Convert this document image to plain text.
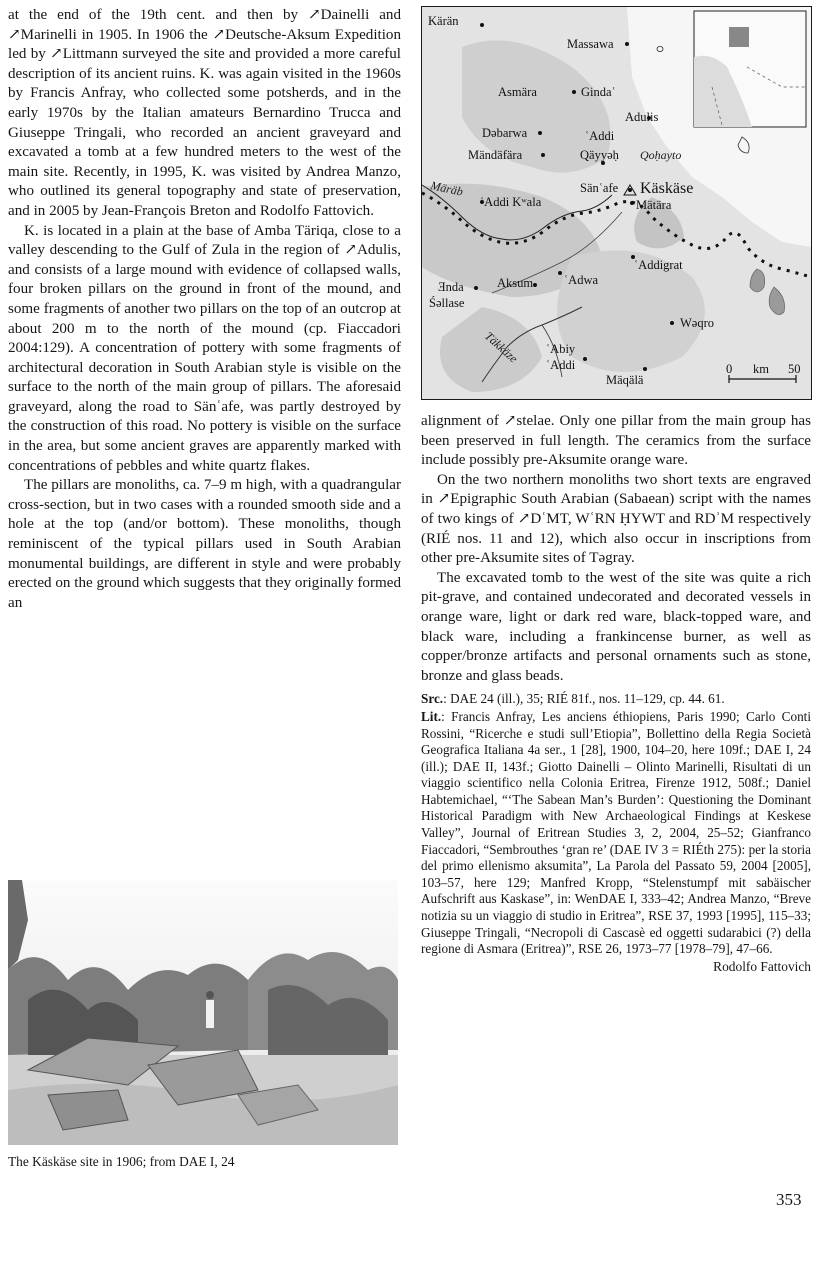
at the end of the 19th cent. and then by ↗Dainelli and ↗Marinelli in 1905. In 1906 the ↗Deutsche-Aksum Expedition led by ↗Littmann surveyed the site and provided a more careful description of its ancient ruins. K. was again visited in the 1960s by Francis Anfray, who collected some potsherds, and in the early 1970s by the Italian amateurs Bernardino Trucca and Giuseppe Tringali, who recorded an ancient graveyard and excavated a tomb at a few hundred meters to the west of the main site. Recently, in 1995, K. was visited by Andrea Manzo, who outlined its general topography and state of preservation, and in 2005 by Jean-François Breton and Rodolfo Fattovich.

K. is located in a plain at the base of Amba Täriqa, close to a valley descending to the Gulf of Zula in the region of ↗Adulis, and consists of a large mound with evidence of collapsed walls, four broken pillars on the ground in front of the mound, and some fragments of another two pillars on the top of an outcrop at about 200 m to the north of the mound (cp. Fiaccadori 2004:129). A concentration of pottery with some fragments of architectural decoration in South Arabian style is visible on the surface to the north of the main group of pillars. The aforesaid graveyard, along the road to Sänʿafe, was partly destroyed by the construction of this road. No pottery is visible on the surface in the area, but some ancient graves are apparently marked with concentrations of pebbles and white quartz flakes.

The pillars are monoliths, ca. 7–9 m high, with a quadrangular cross-section, but in two cases with a rounded smooth side and a hole at the top (and/or bottom). These monoliths, though reminiscent of the typical pillars used in South Arabian monumental buildings, are different in style and were probably erected on the ground which suggests that they originally formed an

Kärän
Massawa
Asmära	Gindaʿ
Adulis
Dəbarwa	ʿAddi
Qäyyəḥ Qoḥayto
Mändäfära
Märäb
ʿAddi Kʷala
Sänʿafe Käskäse
Mätära
ʿAddigrat
Ǝnda
Śəllase
Aksum ʿAdwa
Wəqro
Täkkäze ʿAbiy
ʿAddi
Mäqälä
0 km 50

alignment of ↗stelae. Only one pillar from the main group has been preserved in full length. The ceramics from the surface include possibly pre-Aksumite orange ware.

On the two northern monoliths two short texts are engraved in ↗Epigraphic South Arabian (Sabaean) script with the names of two kings of ↗DʿMT, WʿRN ḤYWT and RDʾM respectively (RIÉ nos. 11 and 12), which also occur in inscriptions from other pre-Aksumite sites of Təgray.

The excavated tomb to the west of the site was quite a rich pit-grave, and contained undecorated and decorated vessels in orange ware, light or dark red ware, black-topped ware, and black ware, including a frankincense burner, as well as copper/bronze artifacts and personal ornaments such as stone, bronze and glass beads.

Src.: DAE 24 (ill.), 35; RIÉ 81f., nos. 11–129, cp. 44. 61.

Lit.: Francis Anfray, Les anciens éthiopiens, Paris 1990; Carlo Conti Rossini, “Ricerche e studi sull’Etiopia”, Bollettino della Regia Società Geografica Italiana 4a ser., 1 [28], 1900, 104–20, here 109f.; DAE I, 24 (ill.); DAE II, 143f.; Giotto Dainelli – Olinto Marinelli, Risultati di un viaggio scientifico nella Colonia Eritrea, Firenze 1912, 508f.; Daniel Habtemichael, “‘The Sabean Man’s Burden’: Questioning the Dominant Historical Paradigm with New Archaeological Findings at Keskese Valley”, Journal of Eritrean Studies 3, 2, 2004, 25–52; Gianfranco Fiaccadori, “Sembrouthes ‘gran re’ (DAE IV 3 = RIÉth 275): per la storia del primo ellenismo aksumita”, La Parola del Passato 59, 2004 [2005], 103–57, here 129; Manfred Kropp, “Stelenstumpf mit sabäischer Aufschrift aus Kaskase”, in: WenDAE I, 333–42; Andrea Manzo, “Breve notizia su un viaggio di studio in Eritrea”, RSE 37, 1993 [1995], 115–33; Giuseppe Tringali, “Necropoli di Cascasè ed oggetti sudarabici (?) della regione di Asmara (Eritrea)”, RSE 26, 1973–77 [1978–79], 47–66.

Rodolfo Fattovich
The Käskäse site in 1906; from DAE I, 24
353
